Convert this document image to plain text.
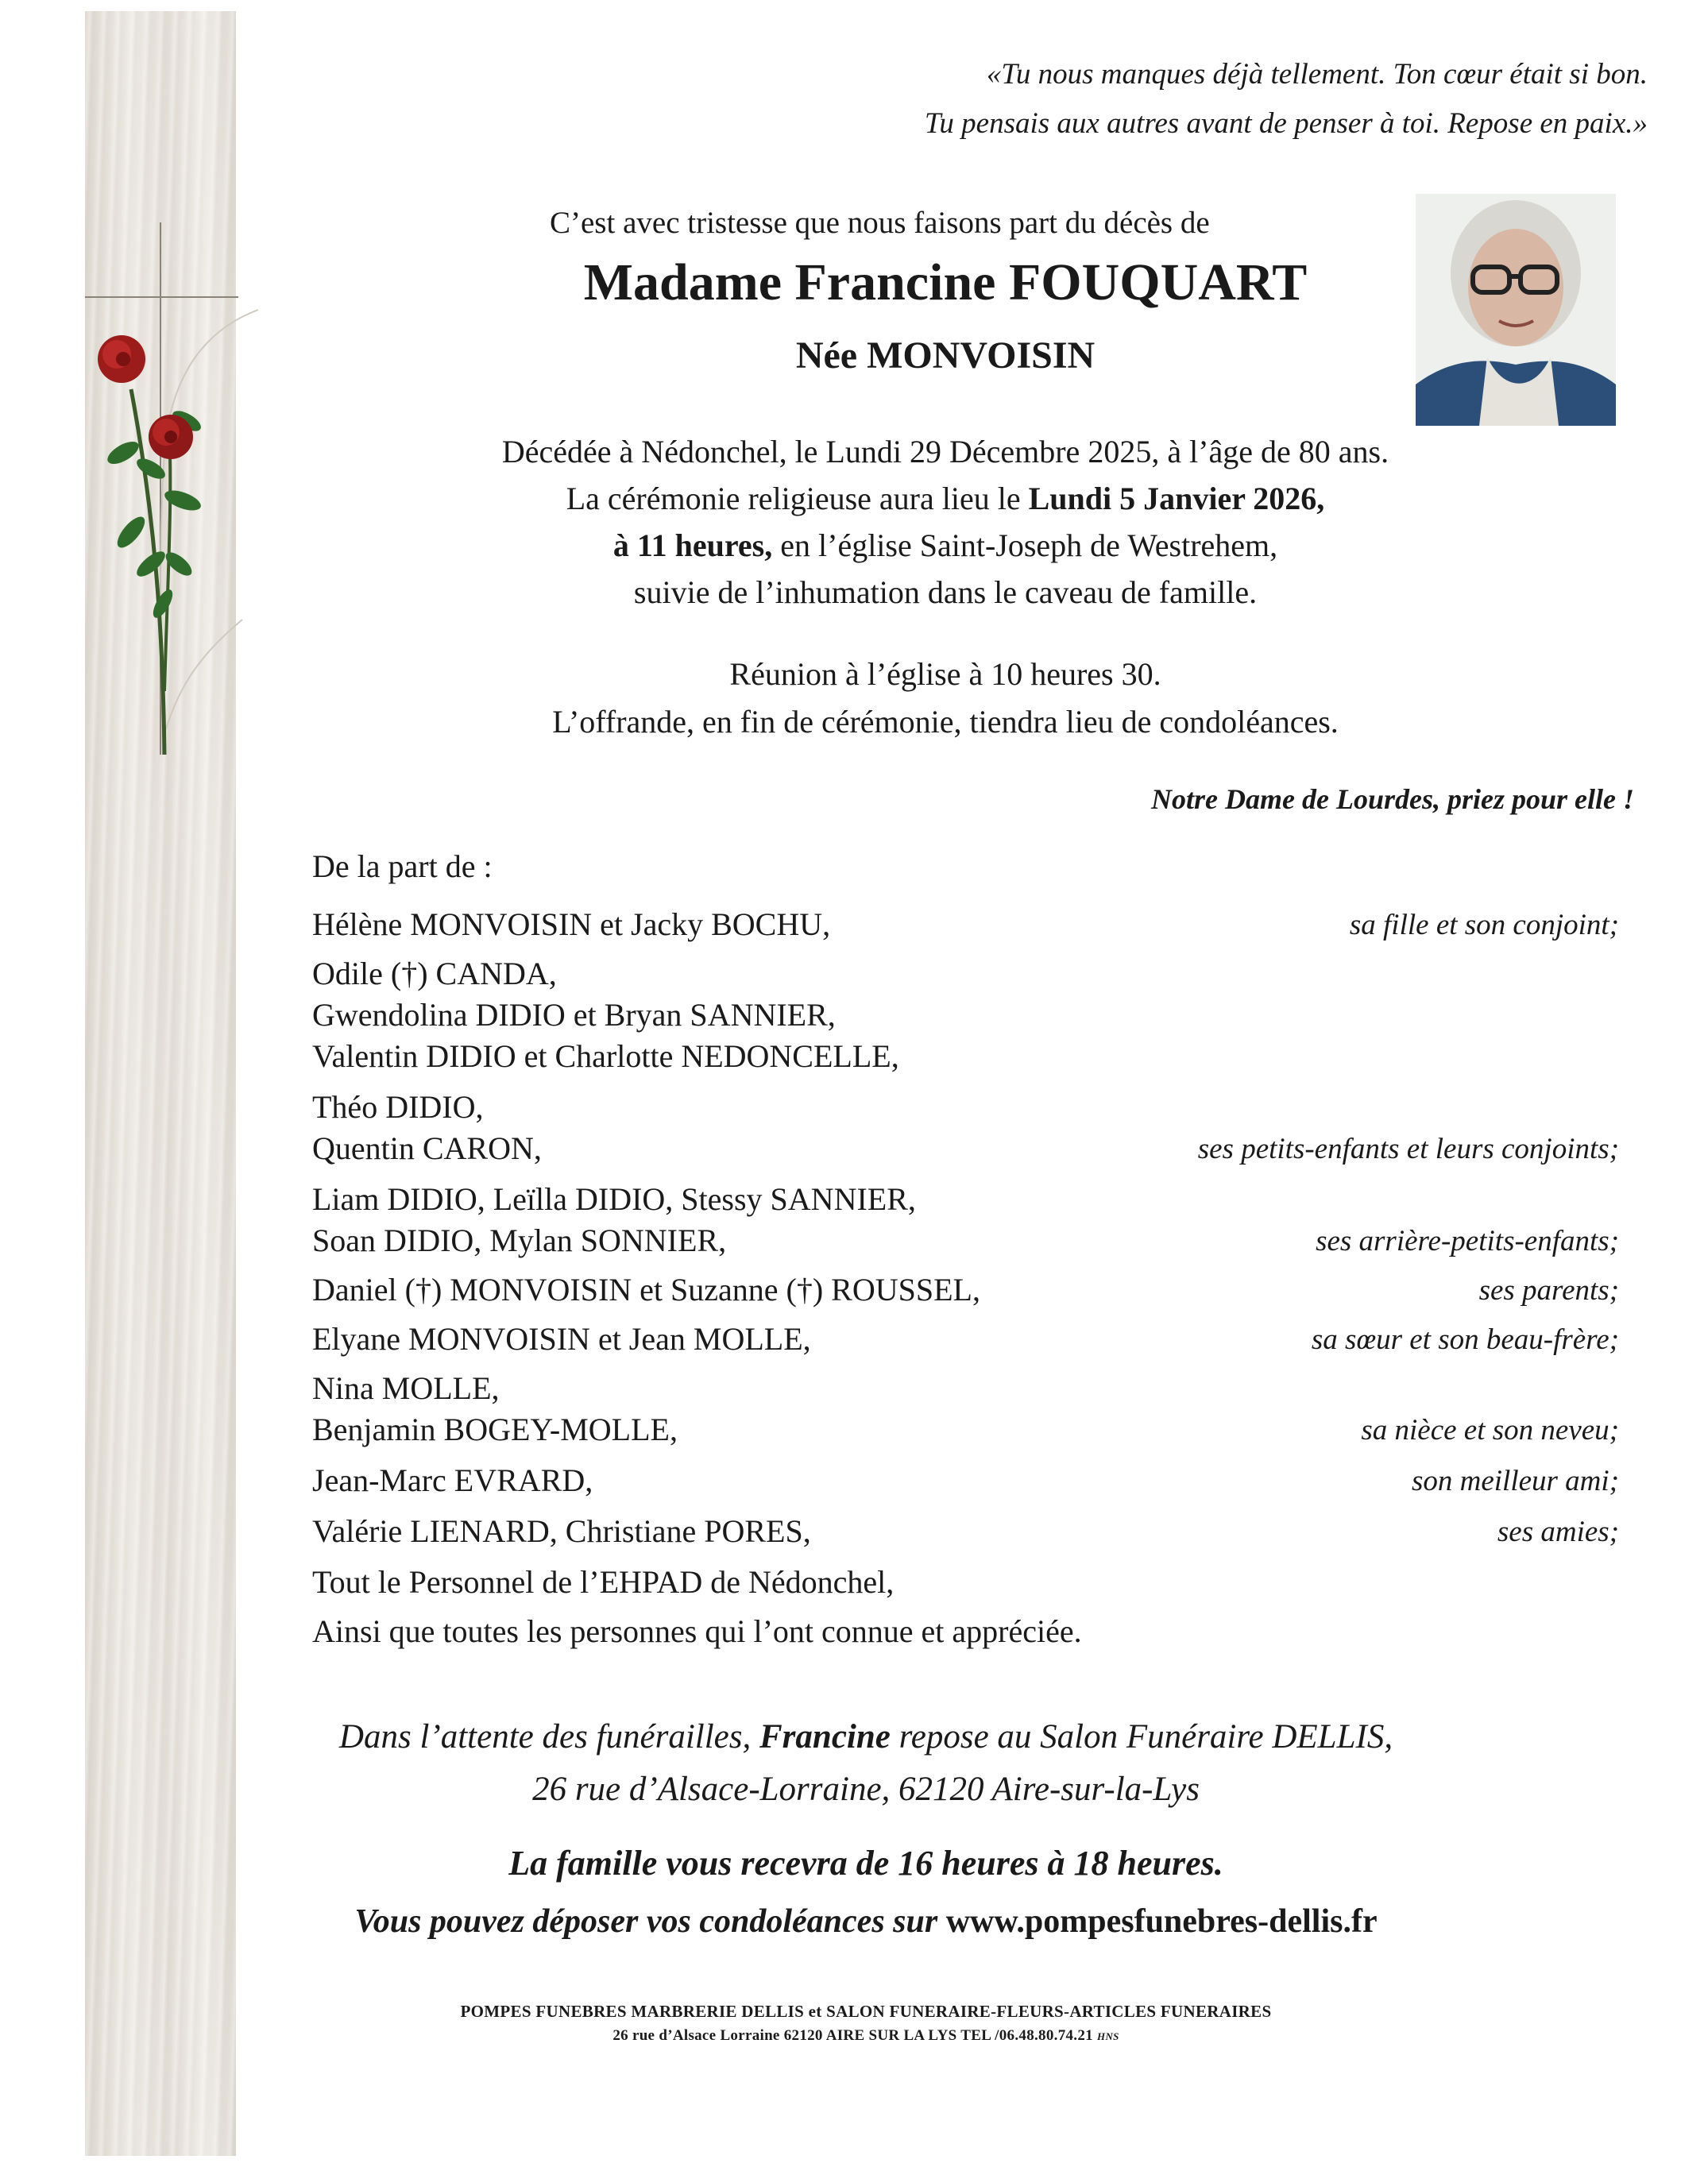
«Tu nous manques déjà tellement. Ton cœur était si bon.
Tu pensais aux autres avant de penser à toi. Repose en paix.»
C’est avec tristesse que nous faisons part du décès de
Madame Francine FOUQUART
Née MONVOISIN
Décédée à Nédonchel, le Lundi 29 Décembre 2025, à l’âge de 80 ans.
La cérémonie religieuse aura lieu le Lundi 5 Janvier 2026,
à 11 heures, en l’église Saint-Joseph de Westrehem,
suivie de l’inhumation dans le caveau de famille.
Réunion à l’église à 10 heures 30.
L’offrande, en fin de cérémonie, tiendra lieu de condoléances.
Notre Dame de Lourdes, priez pour elle !
De la part de :
Hélène MONVOISIN et Jacky BOCHU,
Odile (†) CANDA,
Gwendolina DIDIO et Bryan SANNIER,
Valentin DIDIO et Charlotte NEDONCELLE,
Théo DIDIO,
Quentin CARON,
Liam DIDIO, Leïlla DIDIO, Stessy SANNIER,
Soan DIDIO, Mylan SONNIER,
Daniel (†) MONVOISIN et Suzanne (†) ROUSSEL,
Elyane MONVOISIN et Jean MOLLE,
Nina MOLLE,
Benjamin BOGEY-MOLLE,
Jean-Marc EVRARD,
Valérie LIENARD, Christiane PORES,
Tout le Personnel de l’EHPAD de Nédonchel,
Ainsi que toutes les personnes qui l’ont connue et appréciée.
sa fille et son conjoint;
ses petits-enfants et leurs conjoints;
ses arrière-petits-enfants;
ses parents;
sa sœur et son beau-frère;
sa nièce et son neveu;
son meilleur ami;
ses amies;
Dans l’attente des funérailles, Francine repose au Salon Funéraire DELLIS,
26 rue d’Alsace-Lorraine, 62120 Aire-sur-la-Lys
La famille vous recevra de 16 heures à 18 heures.
Vous pouvez déposer vos condoléances sur www.pompesfunebres-dellis.fr
POMPES FUNEBRES MARBRERIE DELLIS et SALON FUNERAIRE-FLEURS-ARTICLES FUNERAIRES
26 rue d’Alsace Lorraine 62120 AIRE SUR LA LYS TEL /06.48.80.74.21 HNS
